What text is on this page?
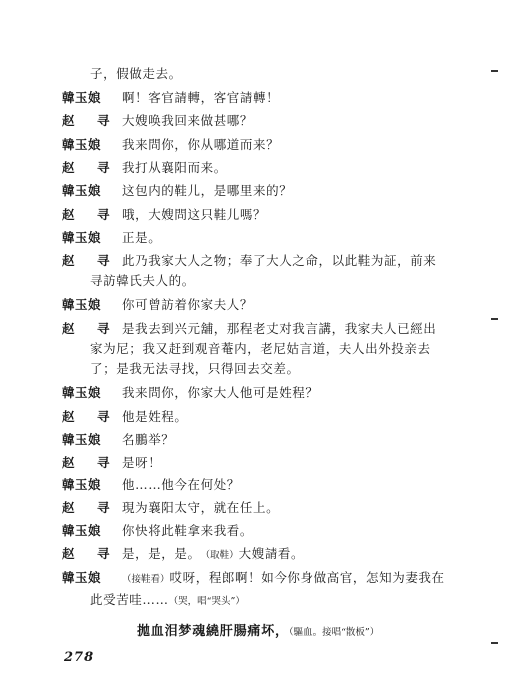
子，假做走去。
韓玉娘 啊！客官請轉，客官請轉！
赵　寻 大嫂唤我回来做甚哪？
韓玉娘 我来問你，你从哪道而来？
赵　寻 我打从襄阳而来。
韓玉娘 这包内的鞋儿，是哪里来的？
赵　寻 哦，大嫂問这只鞋儿嗎？
韓玉娘 正是。
赵　寻 此乃我家大人之物；奉了大人之命，以此鞋为証，前来
寻訪韓氏夫人的。
韓玉娘 你可曾訪着你家夫人？
赵　寻 是我去到兴元舖，那程老丈对我言講，我家夫人已經出
家为尼；我又赶到观音菴内，老尼姑言道，夫人出外投亲去
了；是我无法寻找，只得回去交差。
韓玉娘 我来問你，你家大人他可是姓程？
赵　寻 他是姓程。
韓玉娘 名鵬举？
赵　寻 是呀！
韓玉娘 他……他今在何处？
赵　寻 現为襄阳太守，就在任上。
韓玉娘 你快将此鞋拿来我看。
赵　寻 是，是，是。（取鞋）大嫂請看。
韓玉娘 （接鞋看）哎呀，程郎啊！如今你身做高官，怎知为妻我在
此受苦哇……（哭，唱“哭头”）
拋血泪梦魂繞肝腸痛坏，（驅血。接唱“散板”）
278
